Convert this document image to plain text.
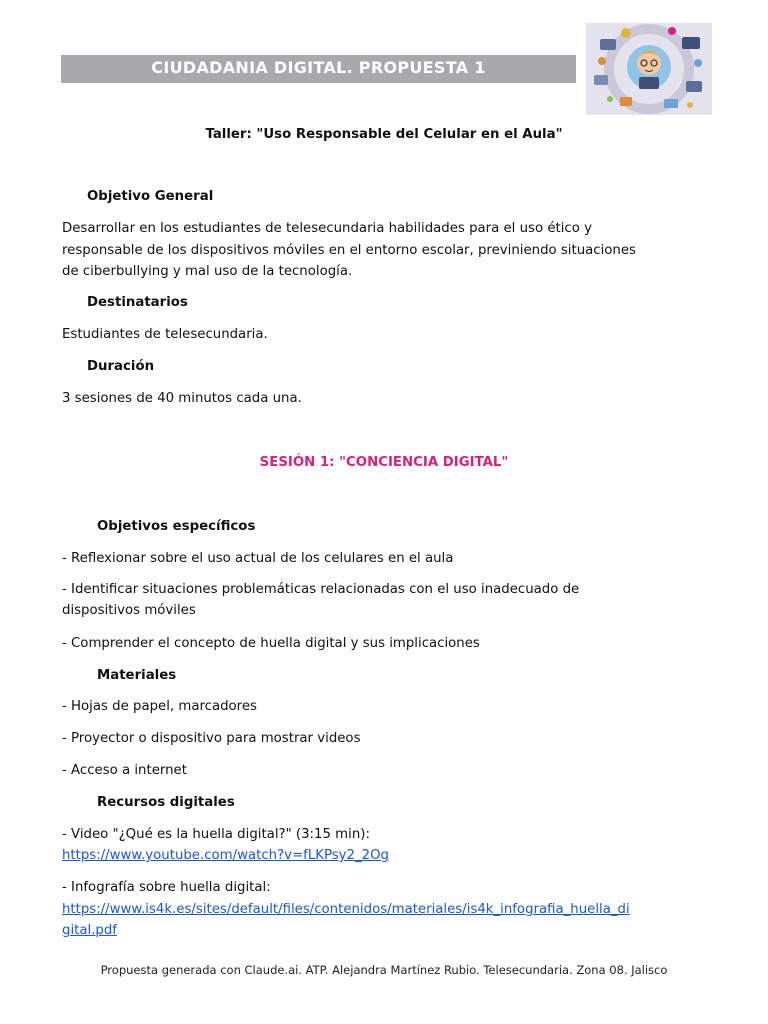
CIUDADANIA DIGITAL. PROPUESTA 1
Taller: "Uso Responsable del Celular en el Aula"
Objetivo General
Desarrollar en los estudiantes de telesecundaria habilidades para el uso ético y
responsable de los dispositivos móviles en el entorno escolar, previniendo situaciones
de ciberbullying y mal uso de la tecnología.
Destinatarios
Estudiantes de telesecundaria.
Duración
3 sesiones de 40 minutos cada una.
SESIÓN 1: "CONCIENCIA DIGITAL"
Objetivos específicos
- Reflexionar sobre el uso actual de los celulares en el aula
- Identificar situaciones problemáticas relacionadas con el uso inadecuado de
dispositivos móviles
- Comprender el concepto de huella digital y sus implicaciones
Materiales
- Hojas de papel, marcadores
- Proyector o dispositivo para mostrar videos
- Acceso a internet
Recursos digitales
- Video "¿Qué es la huella digital?" (3:15 min):
https://www.youtube.com/watch?v=fLKPsy2_2Og
- Infografía sobre huella digital:
https://www.is4k.es/sites/default/files/contenidos/materiales/is4k_infografia_huella_di
gital.pdf
Propuesta generada con Claude.ai. ATP. Alejandra Martínez Rubio. Telesecundaria. Zona 08. Jalisco
